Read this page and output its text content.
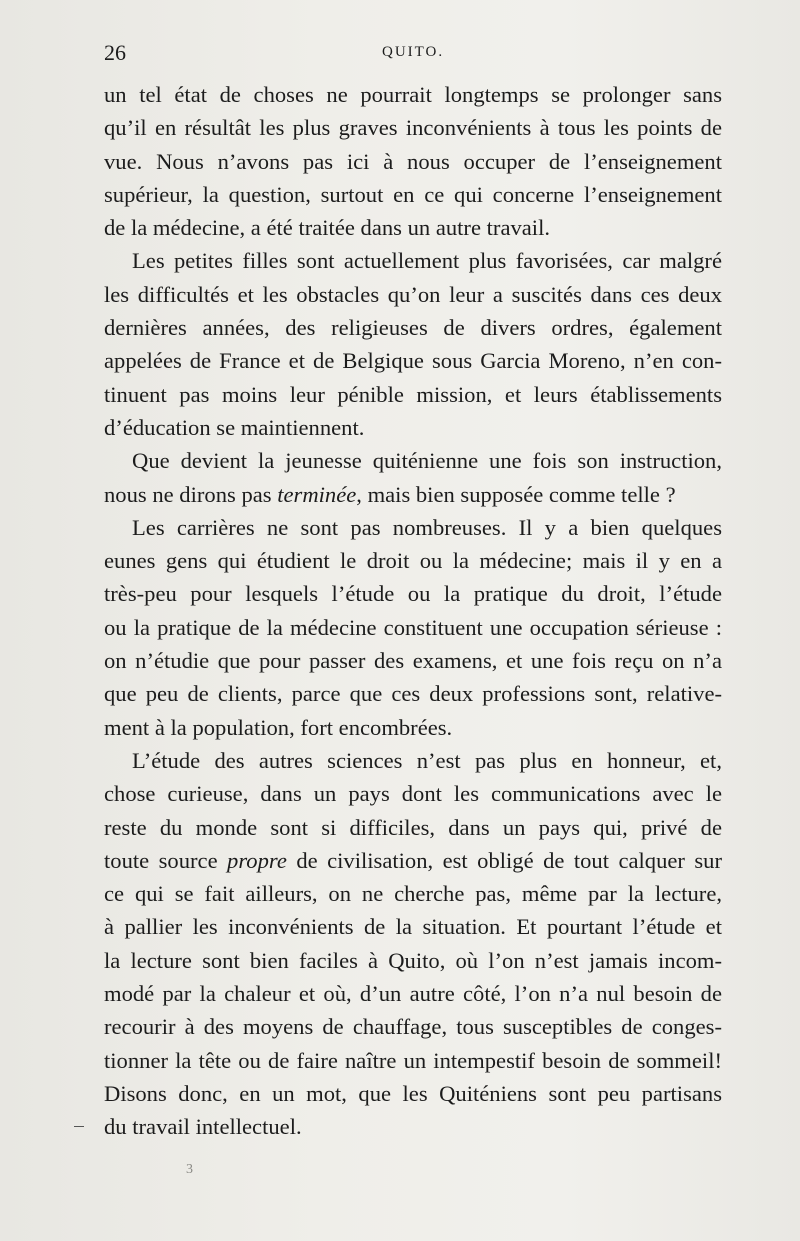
26	QUITO.

un tel état de choses ne pourrait longtemps se prolonger sans
qu’il en résultât les plus graves inconvénients à tous les points de
vue. Nous n’avons pas ici à nous occuper de l’enseignement
supérieur, la question, surtout en ce qui concerne l’enseignement
de la médecine, a été traitée dans un autre travail.

Les petites filles sont actuellement plus favorisées, car malgré
les difficultés et les obstacles qu’on leur a suscités dans ces deux
dernières années, des religieuses de divers ordres, également
appelées de France et de Belgique sous Garcia Moreno, n’en con-
tinuent pas moins leur pénible mission, et leurs établissements
d’éducation se maintiennent.

Que devient la jeunesse quiténienne une fois son instruction,
nous ne dirons pas terminée, mais bien supposée comme telle ?

Les carrières ne sont pas nombreuses. Il y a bien quelques
eunes gens qui étudient le droit ou la médecine; mais il y en a
très-peu pour lesquels l’étude ou la pratique du droit, l’étude
ou la pratique de la médecine constituent une occupation sérieuse :
on n’étudie que pour passer des examens, et une fois reçu on n’a
que peu de clients, parce que ces deux professions sont, relative-
ment à la population, fort encombrées.

L’étude des autres sciences n’est pas plus en honneur, et,
chose curieuse, dans un pays dont les communications avec le
reste du monde sont si difficiles, dans un pays qui, privé de
toute source propre de civilisation, est obligé de tout calquer sur
ce qui se fait ailleurs, on ne cherche pas, même par la lecture,
à pallier les inconvénients de la situation. Et pourtant l’étude et
la lecture sont bien faciles à Quito, où l’on n’est jamais incom-
modé par la chaleur et où, d’un autre côté, l’on n’a nul besoin de
recourir à des moyens de chauffage, tous susceptibles de conges-
tionner la tête ou de faire naître un intempestif besoin de sommeil!
Disons donc, en un mot, que les Quiténiens sont peu partisans
du travail intellectuel.

3
